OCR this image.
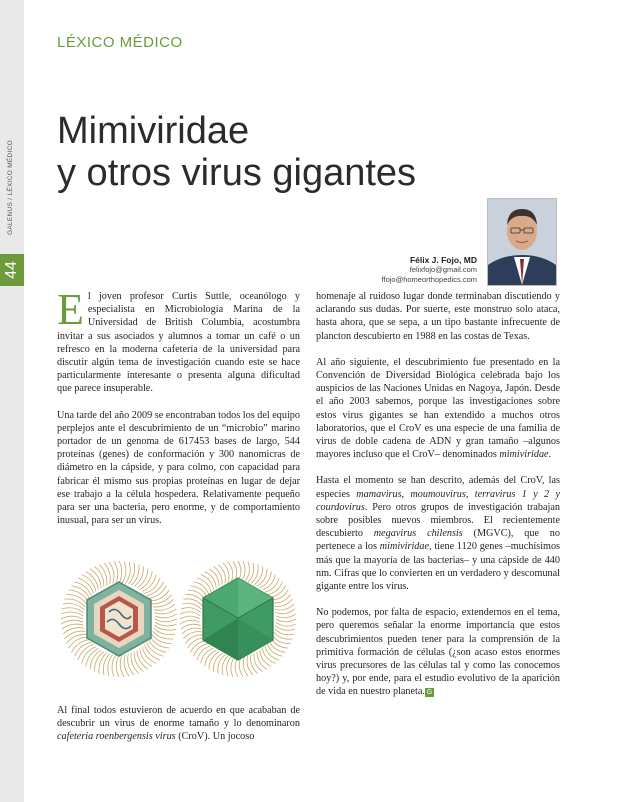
GALENUS / LÉXICO MÉDICO
44
LÉXICO MÉDICO
Mimiviridae
y otros virus gigantes
Félix J. Fojo, MD
felixfojo@gmail.com
ffojo@homeorthopedics.com

El joven profesor Curtis Suttle, oceanólogo y especialista en Microbiología Marina de la Universidad de British Columbia, acostumbra invitar a sus asociados y alumnos a tomar un café o un refresco en la moderna cafetería de la universidad para discutir algún tema de investigación cuando este se hace particularmente interesante o presenta alguna dificultad que parece insuperable.

Una tarde del año 2009 se encontraban todos los del equipo perplejos ante el descubrimiento de un “microbio” marino portador de un genoma de 617453 bases de largo, 544 proteínas (genes) de conformación y 300 nanomicras de diámetro en la cápside, y para colmo, con capacidad para fabricar él mismo sus propias proteínas en lugar de dejar ese trabajo a la célula hospedera. Relativamente pequeño para ser una bacteria, pero enorme, y de comportamiento inusual, para ser un virus.

Al final todos estuvieron de acuerdo en que acababan de descubrir un virus de enorme tamaño y lo denominaron cafeteria roenbergensis virus (CroV). Un jocoso

homenaje al ruidoso lugar donde terminaban discutiendo y aclarando sus dudas. Por suerte, este monstruo solo ataca, hasta ahora, que se sepa, a un tipo bastante infrecuente de plancton descubierto en 1988 en las costas de Texas.

Al año siguiente, el descubrimiento fue presentado en la Convención de Diversidad Biológica celebrada bajo los auspicios de las Naciones Unidas en Nagoya, Japón. Desde el año 2003 sabemos, porque las investigaciones sobre estos virus gigantes se han extendido a muchos otros laboratorios, que el CroV es una especie de una familia de virus de doble cadena de ADN y gran tamaño –algunos mayores incluso que el CroV– denominados mimiviridae.

Hasta el momento se han descrito, además del CroV, las especies mamavirus, moumouvirus, terravirus 1 y 2 y courdovirus. Pero otros grupos de investigación trabajan sobre posibles nuevos miembros. El recientemente descubierto megavirus chilensis (MGVC), que no pertenece a los mimiviridae, tiene 1120 genes –muchísimos más que la mayoría de las bacterias– y una cápside de 440 nm. Cifras que lo convierten en un verdadero y descomunal gigante entre los virus.

No podemos, por falta de espacio, extendernos en el tema, pero queremos señalar la enorme importancia que estos descubrimientos pueden tener para la comprensión de la primitiva formación de células (¿son acaso estos enormes virus precursores de las células tal y como las conocemos hoy?) y, por ende, para el estudio evolutivo de la aparición de vida en nuestro planeta. G
